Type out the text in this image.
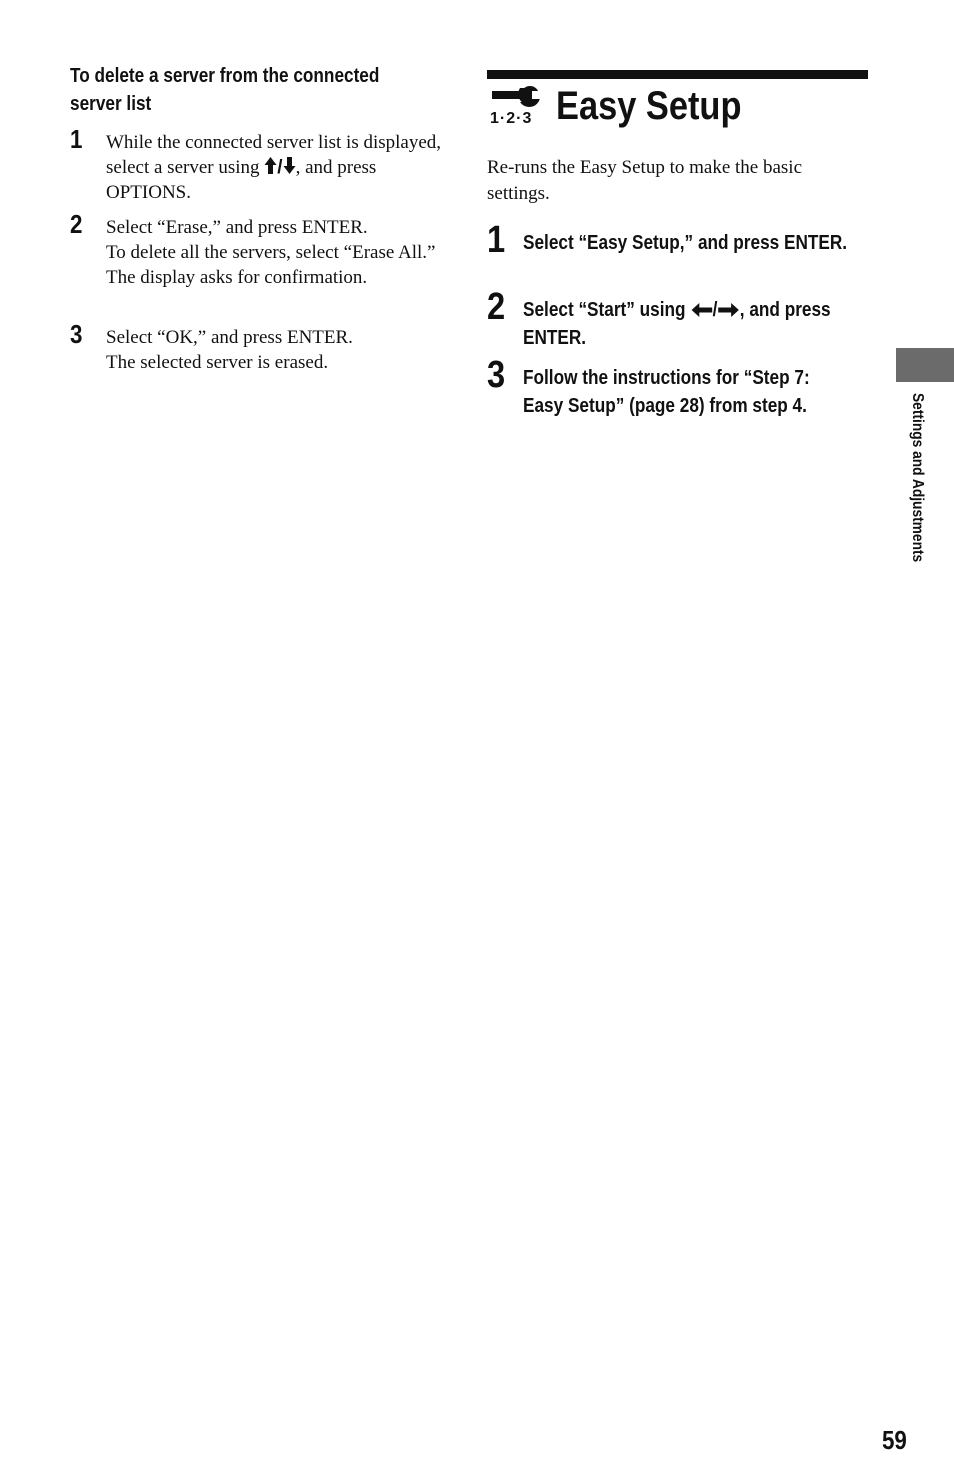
To delete a server from the connected server list
1 While the connected server list is displayed, select a server using / , and press OPTIONS.

2 Select “Erase,” and press ENTER.

To delete all the servers, select “Erase All.”

The display asks for confirmation.

3 Select “OK,” and press ENTER.

The selected server is erased.

1·2·3 Easy Setup
Re-runs the Easy Setup to make the basic settings.
1 Select “Easy Setup,” and press ENTER.
2 Select “Start” using / , and press ENTER.
3 Follow the instructions for “Step 7: Easy Setup” (page 28) from step 4.	Settings and Adjustments
59
